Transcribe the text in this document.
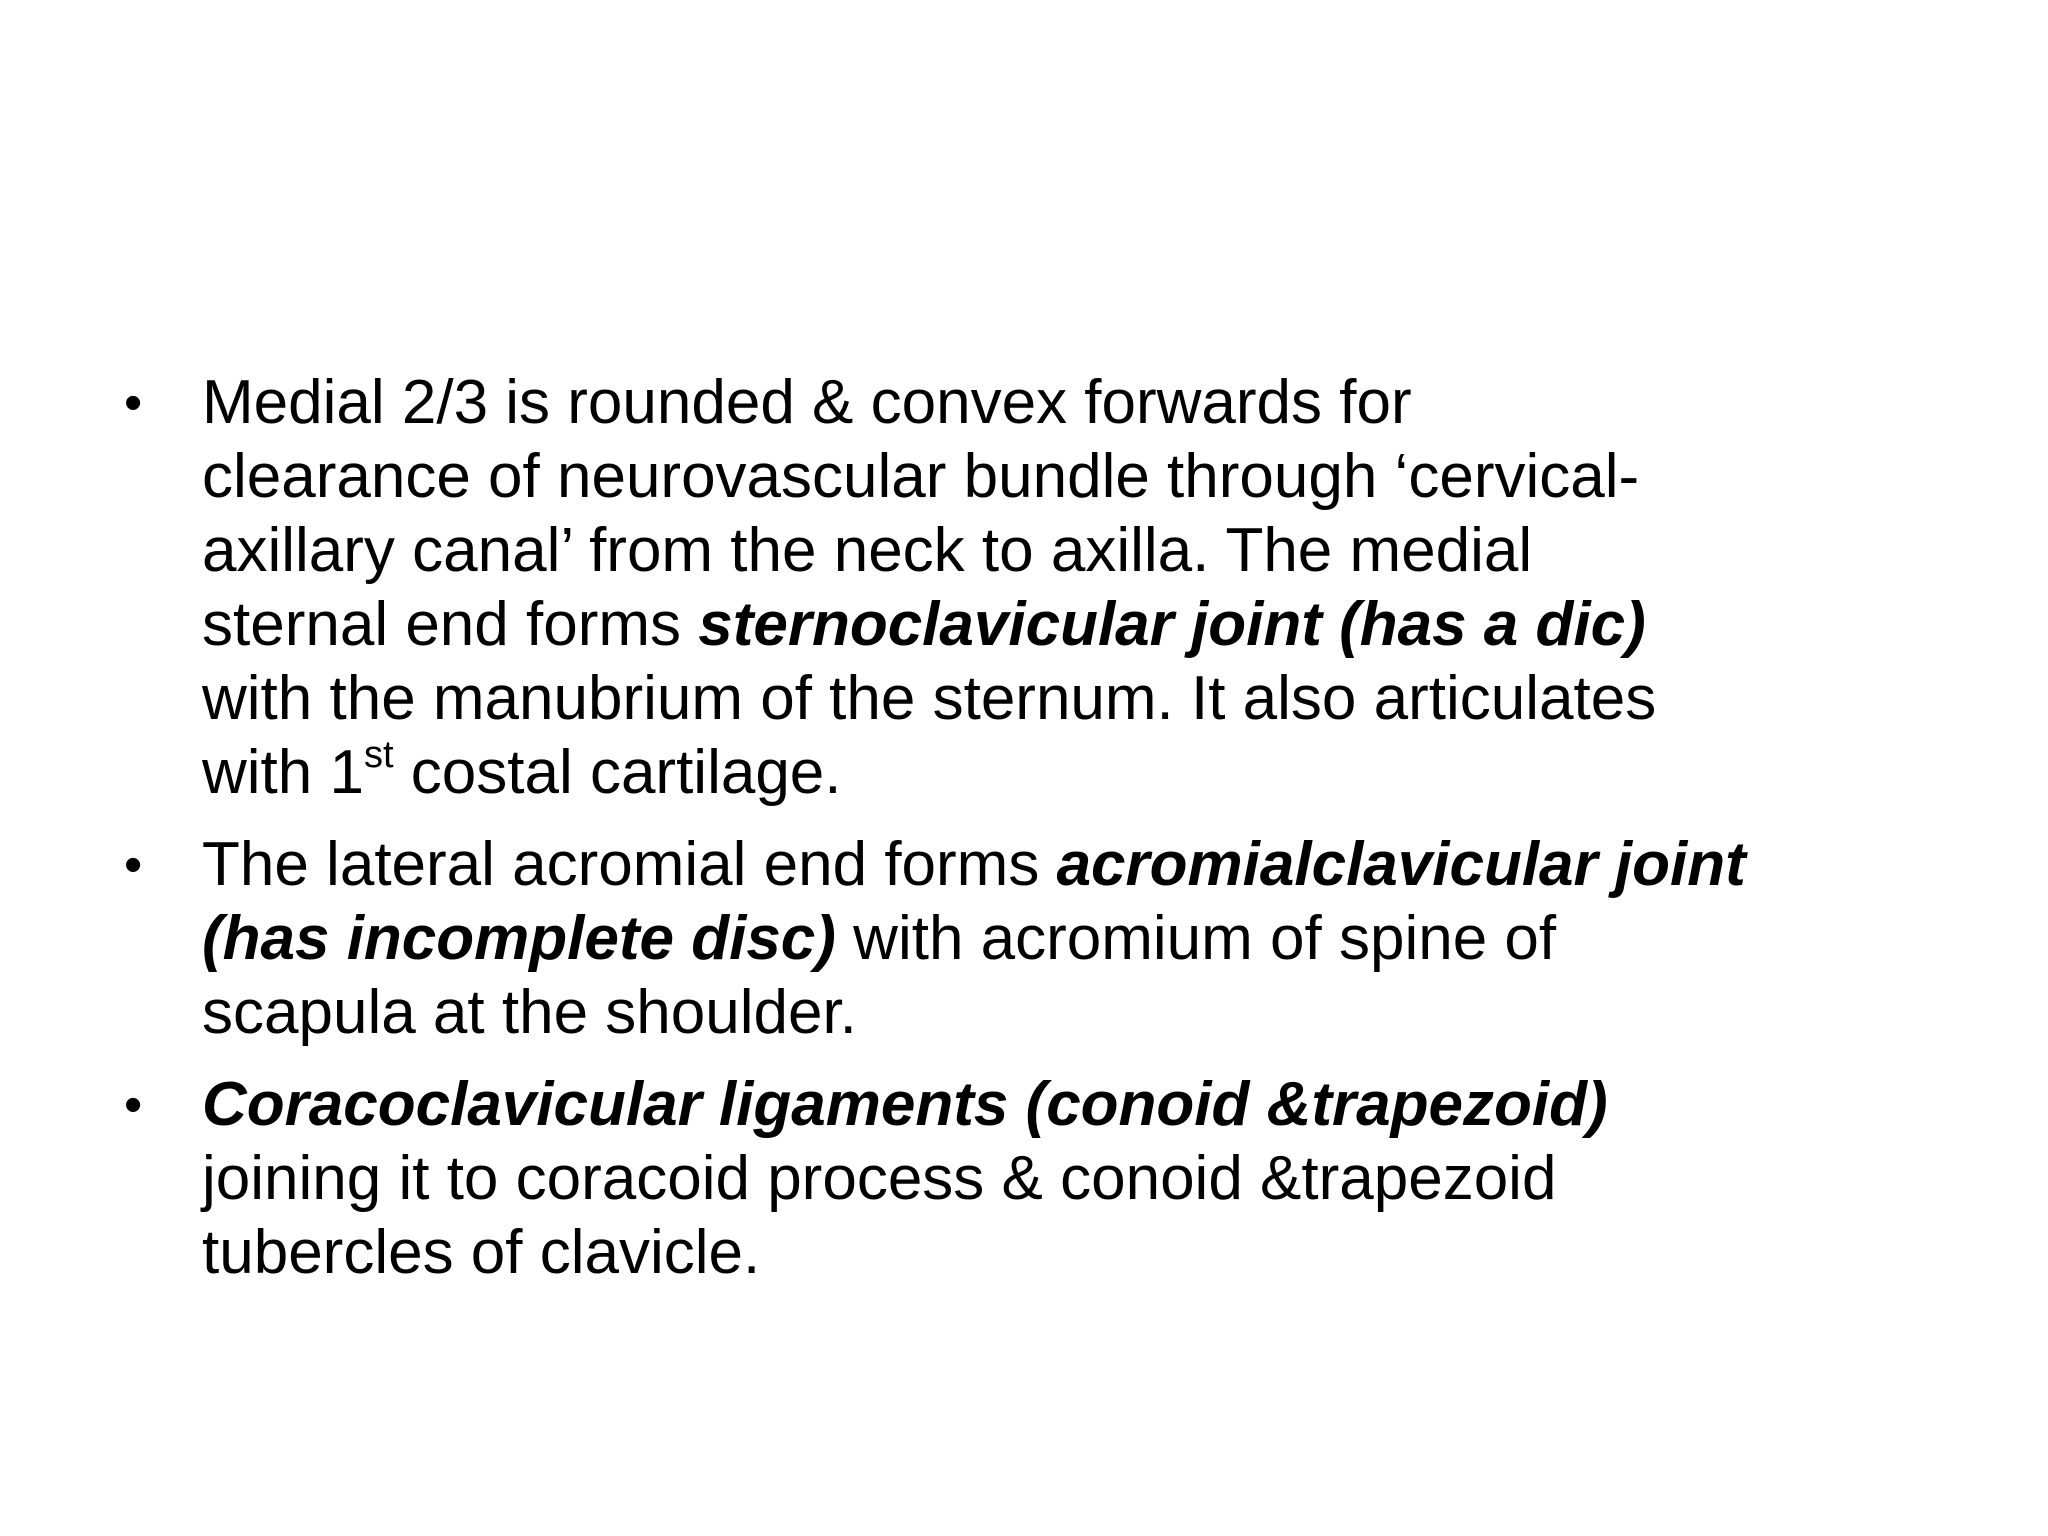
• Medial 2/3 is rounded & convex forwards for
clearance of neurovascular bundle through ‘cervical-
axillary canal’ from the neck to axilla. The medial
sternal end forms sternoclavicular joint (has a dic)
with the manubrium of the sternum. It also articulates
with 1st costal cartilage.
• The lateral acromial end forms acromialclavicular joint
(has incomplete disc) with acromium of spine of
scapula at the shoulder.
• Coracoclavicular ligaments (conoid &trapezoid)
joining it to coracoid process & conoid &trapezoid
tubercles of clavicle.
